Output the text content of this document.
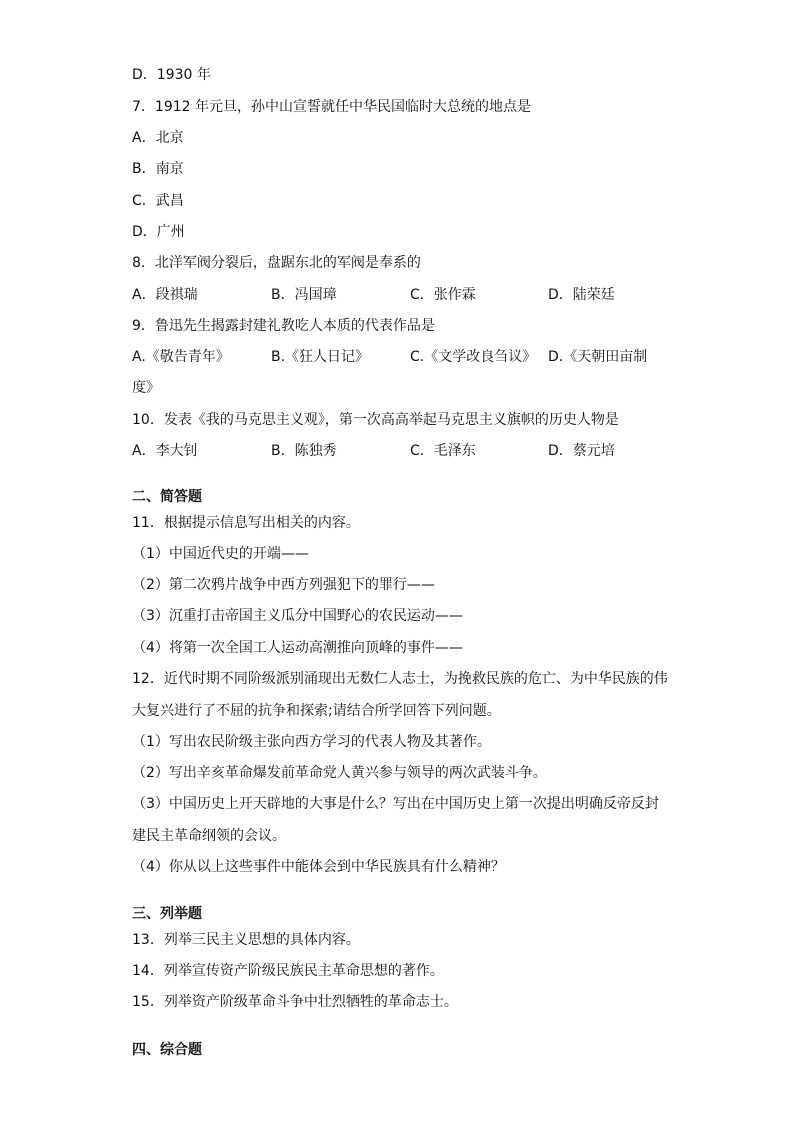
D．1930 年
7．1912 年元旦，孙中山宣誓就任中华民国临时大总统的地点是
A．北京
B．南京
C．武昌
D．广州
8．北洋军阀分裂后，盘踞东北的军阀是奉系的
A．段祺瑞	B．冯国璋	C．张作霖	D．陆荣廷
9．鲁迅先生揭露封建礼教吃人本质的代表作品是
A.《敬告青年》	B.《狂人日记》	C.《文学改良刍议》 D.《天朝田亩制
度》
10．发表《我的马克思主义观》，第一次高高举起马克思主义旗帜的历史人物是
A．李大钊	B．陈独秀	C．毛泽东	D．蔡元培
二、简答题
11．根据提示信息写出相关的内容。
（1）中国近代史的开端——
（2）第二次鸦片战争中西方列强犯下的罪行——
（3）沉重打击帝国主义瓜分中国野心的农民运动——
（4）将第一次全国工人运动高潮推向顶峰的事件——
12．近代时期不同阶级派别涌现出无数仁人志士，为挽救民族的危亡、为中华民族的伟
大复兴进行了不屈的抗争和探索;请结合所学回答下列问题。
（1）写出农民阶级主张向西方学习的代表人物及其著作。
（2）写出辛亥革命爆发前革命党人黄兴参与领导的两次武装斗争。
（3）中国历史上开天辟地的大事是什么？写出在中国历史上第一次提出明确反帝反封
建民主革命纲领的会议。
（4）你从以上这些事件中能体会到中华民族具有什么精神？
三、列举题
13．列举三民主义思想的具体内容。
14．列举宣传资产阶级民族民主革命思想的著作。
15．列举资产阶级革命斗争中壮烈牺牲的革命志士。
四、综合题
